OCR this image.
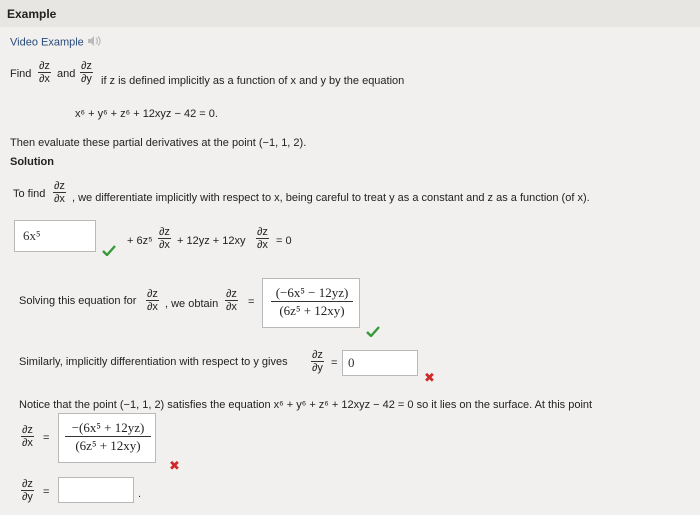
Example
Video Example
Find $\frac{\partial z}{\partial x}$ and $\frac{\partial z}{\partial y}$ if z is defined implicitly as a function of x and y by the equation
x⁶ + y⁶ + z⁶ + 12xyz − 42 = 0.
Then evaluate these partial derivatives at the point (−1, 1, 2).
Solution
To find $\frac{\partial z}{\partial x}$ , we differentiate implicitly with respect to x, being careful to treat y as a constant and z as a function (of x).
6x⁵	+ $6z^5 \frac{\partial z}{\partial x} + 12yz + 12xy \frac{\partial z}{\partial x} = 0$
Solving this equation for $\frac{\partial z}{\partial x}$ , we obtain $\frac{\partial z}{\partial x} = \frac{\text{(−6x⁵ − 12yz)}}{\text{(6z⁵ + 12xy)}}$
Similarly, implicitly differentiation with respect to y gives $\frac{\partial z}{\partial y} = 0$
✖
Notice that the point (−1, 1, 2) satisfies the equation x⁶ + y⁶ + z⁶ + 12xyz − 42 = 0 so it lies on the surface. At this point
$\frac{\partial z}{\partial x} = \frac{\text{−(6x⁵ + 12yz)}}{\text{(6z⁵ + 12xy)}}$
✖
$\frac{\partial z}{\partial y}$ =	.
